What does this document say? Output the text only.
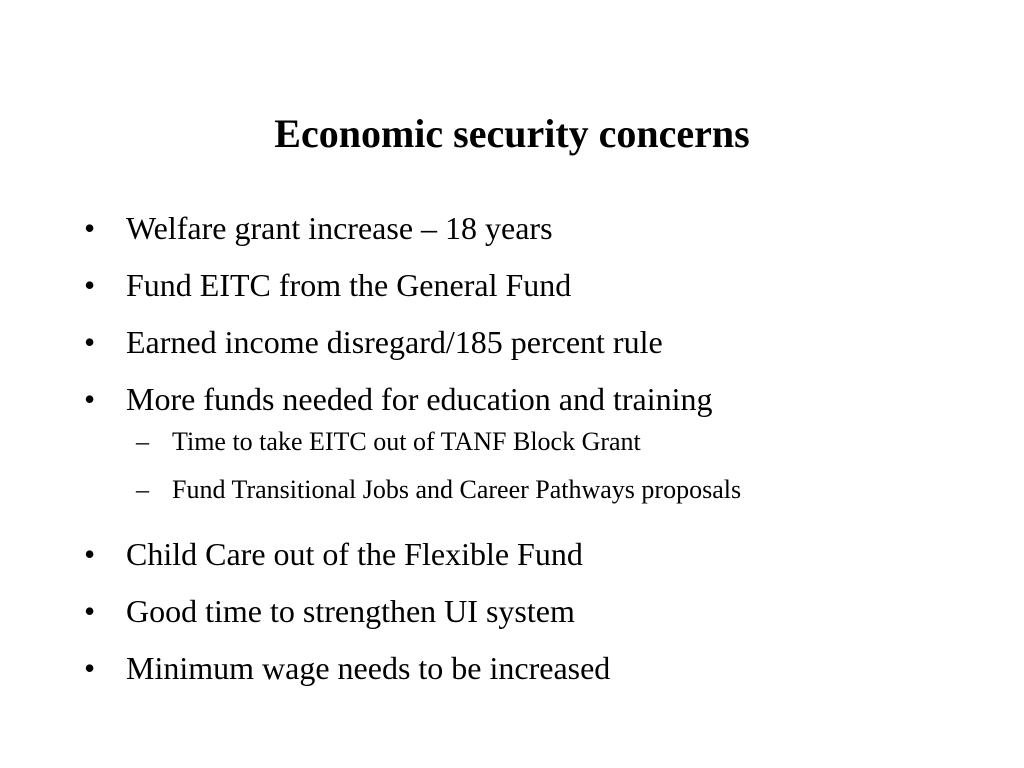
Economic security concerns
• Welfare grant increase – 18 years
• Fund EITC from the General Fund
• Earned income disregard/185 percent rule
• More funds needed for education and training
– Time to take EITC out of TANF Block Grant
– Fund Transitional Jobs and Career Pathways proposals
• Child Care out of the Flexible Fund
• Good time to strengthen UI system
• Minimum wage needs to be increased
